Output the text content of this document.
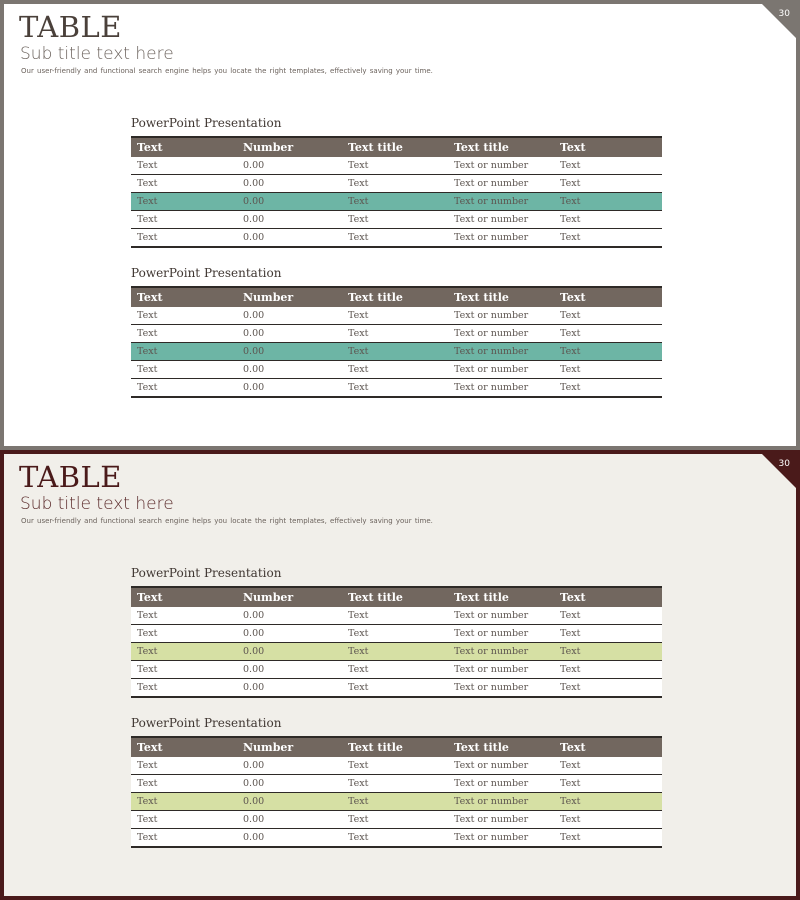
30
TABLE
Sub title text here
Our user-friendly and functional search engine helps you locate the right templates, effectively saving your time.
PowerPoint Presentation
Text	Number	Text title	Text title	Text
Text	0.00	Text	Text or number	Text
Text	0.00	Text	Text or number	Text
Text	0.00	Text	Text or number	Text
Text	0.00	Text	Text or number	Text
Text	0.00	Text	Text or number	Text
PowerPoint Presentation
Text	Number	Text title	Text title	Text
Text	0.00	Text	Text or number	Text
Text	0.00	Text	Text or number	Text
Text	0.00	Text	Text or number	Text
Text	0.00	Text	Text or number	Text
Text	0.00	Text	Text or number	Text
30
TABLE
Sub title text here
Our user-friendly and functional search engine helps you locate the right templates, effectively saving your time.
PowerPoint Presentation
Text	Number	Text title	Text title	Text
Text	0.00	Text	Text or number	Text
Text	0.00	Text	Text or number	Text
Text	0.00	Text	Text or number	Text
Text	0.00	Text	Text or number	Text
Text	0.00	Text	Text or number	Text
PowerPoint Presentation
Text	Number	Text title	Text title	Text
Text	0.00	Text	Text or number	Text
Text	0.00	Text	Text or number	Text
Text	0.00	Text	Text or number	Text
Text	0.00	Text	Text or number	Text
Text	0.00	Text	Text or number	Text
